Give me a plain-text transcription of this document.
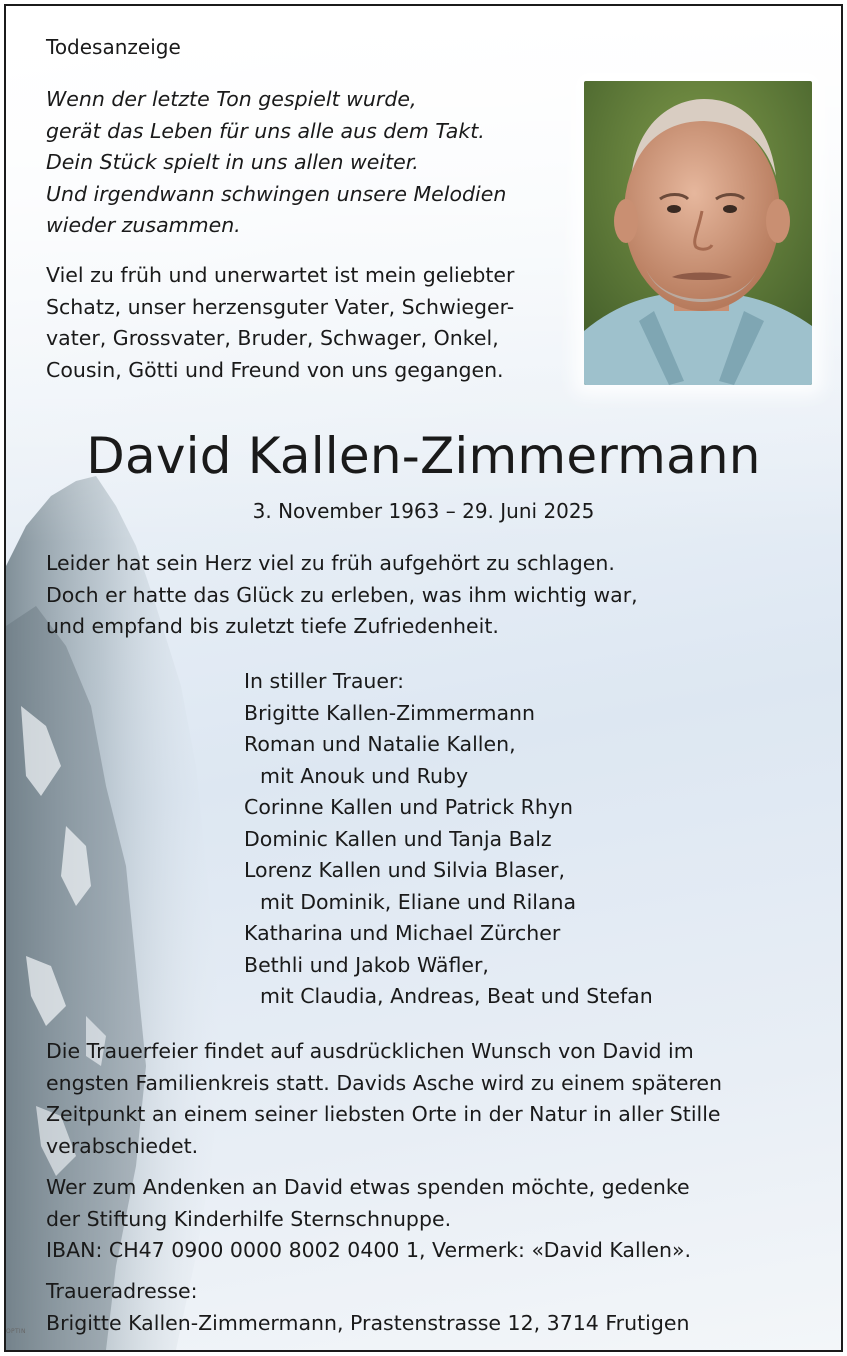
Todesanzeige

Wenn der letzte Ton gespielt wurde,
gerät das Leben für uns alle aus dem Takt.
Dein Stück spielt in uns allen weiter.
Und irgendwann schwingen unsere Melodien
wieder zusammen.
Viel zu früh und unerwartet ist mein geliebter
Schatz, unser herzensguter Vater, Schwieger-
vater, Grossvater, Bruder, Schwager, Onkel,
Cousin, Götti und Freund von uns gegangen.
David Kallen-Zimmermann
3. November 1963 – 29. Juni 2025
Leider hat sein Herz viel zu früh aufgehört zu schlagen.
Doch er hatte das Glück zu erleben, was ihm wichtig war,
und empfand bis zuletzt tiefe Zufriedenheit.
In stiller Trauer:
Brigitte Kallen-Zimmermann
Roman und Natalie Kallen,
mit Anouk und Ruby
Corinne Kallen und Patrick Rhyn
Dominic Kallen und Tanja Balz
Lorenz Kallen und Silvia Blaser,
mit Dominik, Eliane und Rilana
Katharina und Michael Zürcher
Bethli und Jakob Wäfler,
mit Claudia, Andreas, Beat und Stefan
Die Trauerfeier findet auf ausdrücklichen Wunsch von David im
engsten Familienkreis statt. Davids Asche wird zu einem späteren
Zeitpunkt an einem seiner liebsten Orte in der Natur in aller Stille
verabschiedet.
Wer zum Andenken an David etwas spenden möchte, gedenke
der Stiftung Kinderhilfe Sternschnuppe.
IBAN: CH47 0900 0000 8002 0400 1, Vermerk: «David Kallen».
Traueradresse:
Brigitte Kallen-Zimmermann, Prastenstrasse 12, 3714 Frutigen
OPTIN
